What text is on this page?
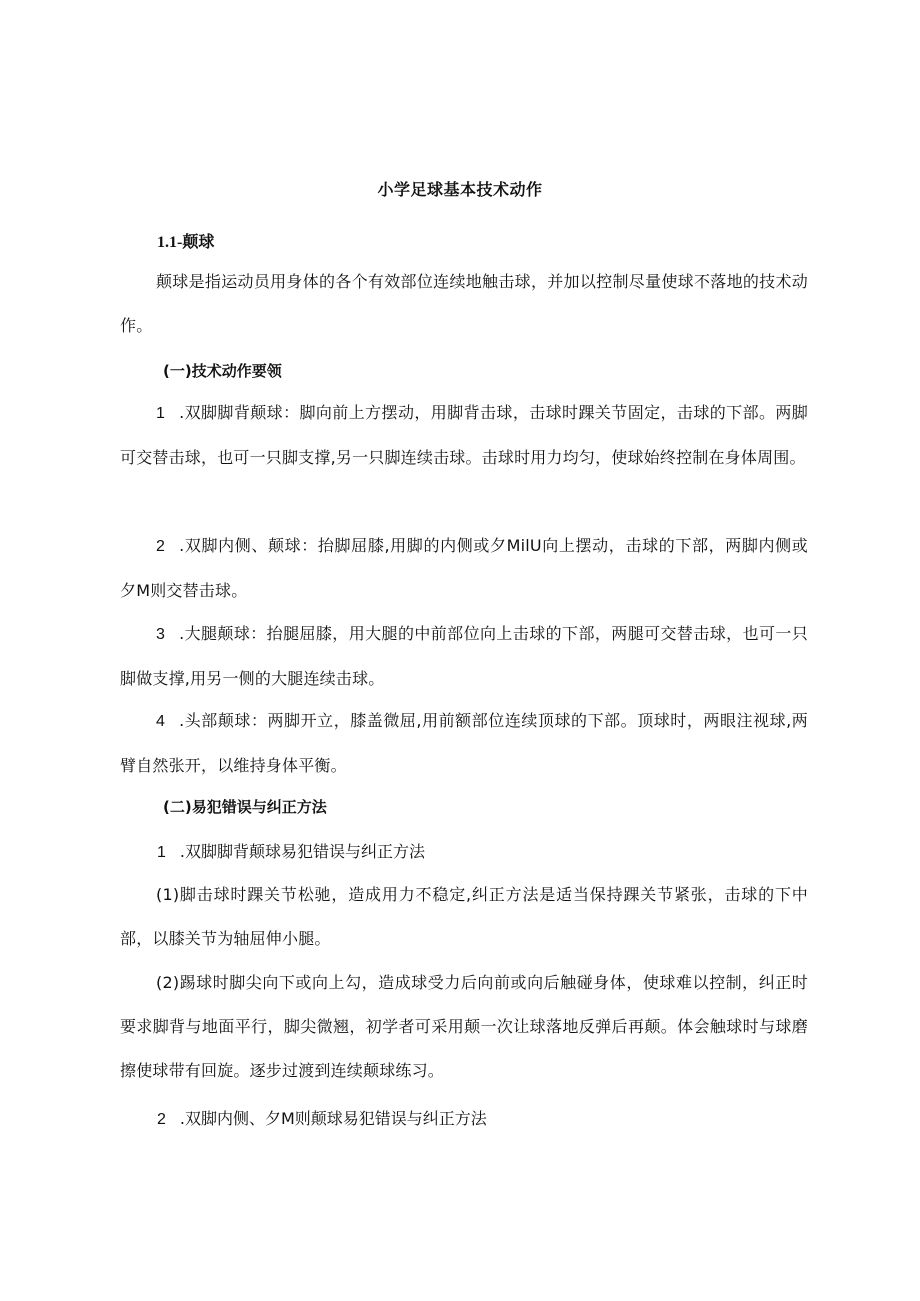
小学足球基本技术动作
1.1-颠球
颠球是指运动员用身体的各个有效部位连续地触击球，并加以控制尽量使球不落地的技术动作。
(一)技术动作要领
1 .双脚脚背颠球：脚向前上方摆动，用脚背击球，击球时踝关节固定，击球的下部。两脚可交替击球，也可一只脚支撑,另一只脚连续击球。击球时用力均匀，使球始终控制在身体周围。
2 .双脚内侧、颠球：抬脚屈膝,用脚的内侧或夕MilU向上摆动，击球的下部，两脚内侧或夕M则交替击球。
3 .大腿颠球：抬腿屈膝，用大腿的中前部位向上击球的下部，两腿可交替击球，也可一只脚做支撑,用另一侧的大腿连续击球。
4 .头部颠球：两脚开立，膝盖微屈,用前额部位连续顶球的下部。顶球时，两眼注视球,两臂自然张开，以维持身体平衡。
(二)易犯错误与纠正方法
1 .双脚脚背颠球易犯错误与纠正方法
(1)脚击球时踝关节松驰，造成用力不稳定,纠正方法是适当保持踝关节紧张，击球的下中部，以膝关节为轴屈伸小腿。
(2)踢球时脚尖向下或向上勾，造成球受力后向前或向后触碰身体，使球难以控制，纠正时要求脚背与地面平行，脚尖微翘，初学者可采用颠一次让球落地反弹后再颠。体会触球时与球磨擦使球带有回旋。逐步过渡到连续颠球练习。
2 .双脚内侧、夕M则颠球易犯错误与纠正方法
